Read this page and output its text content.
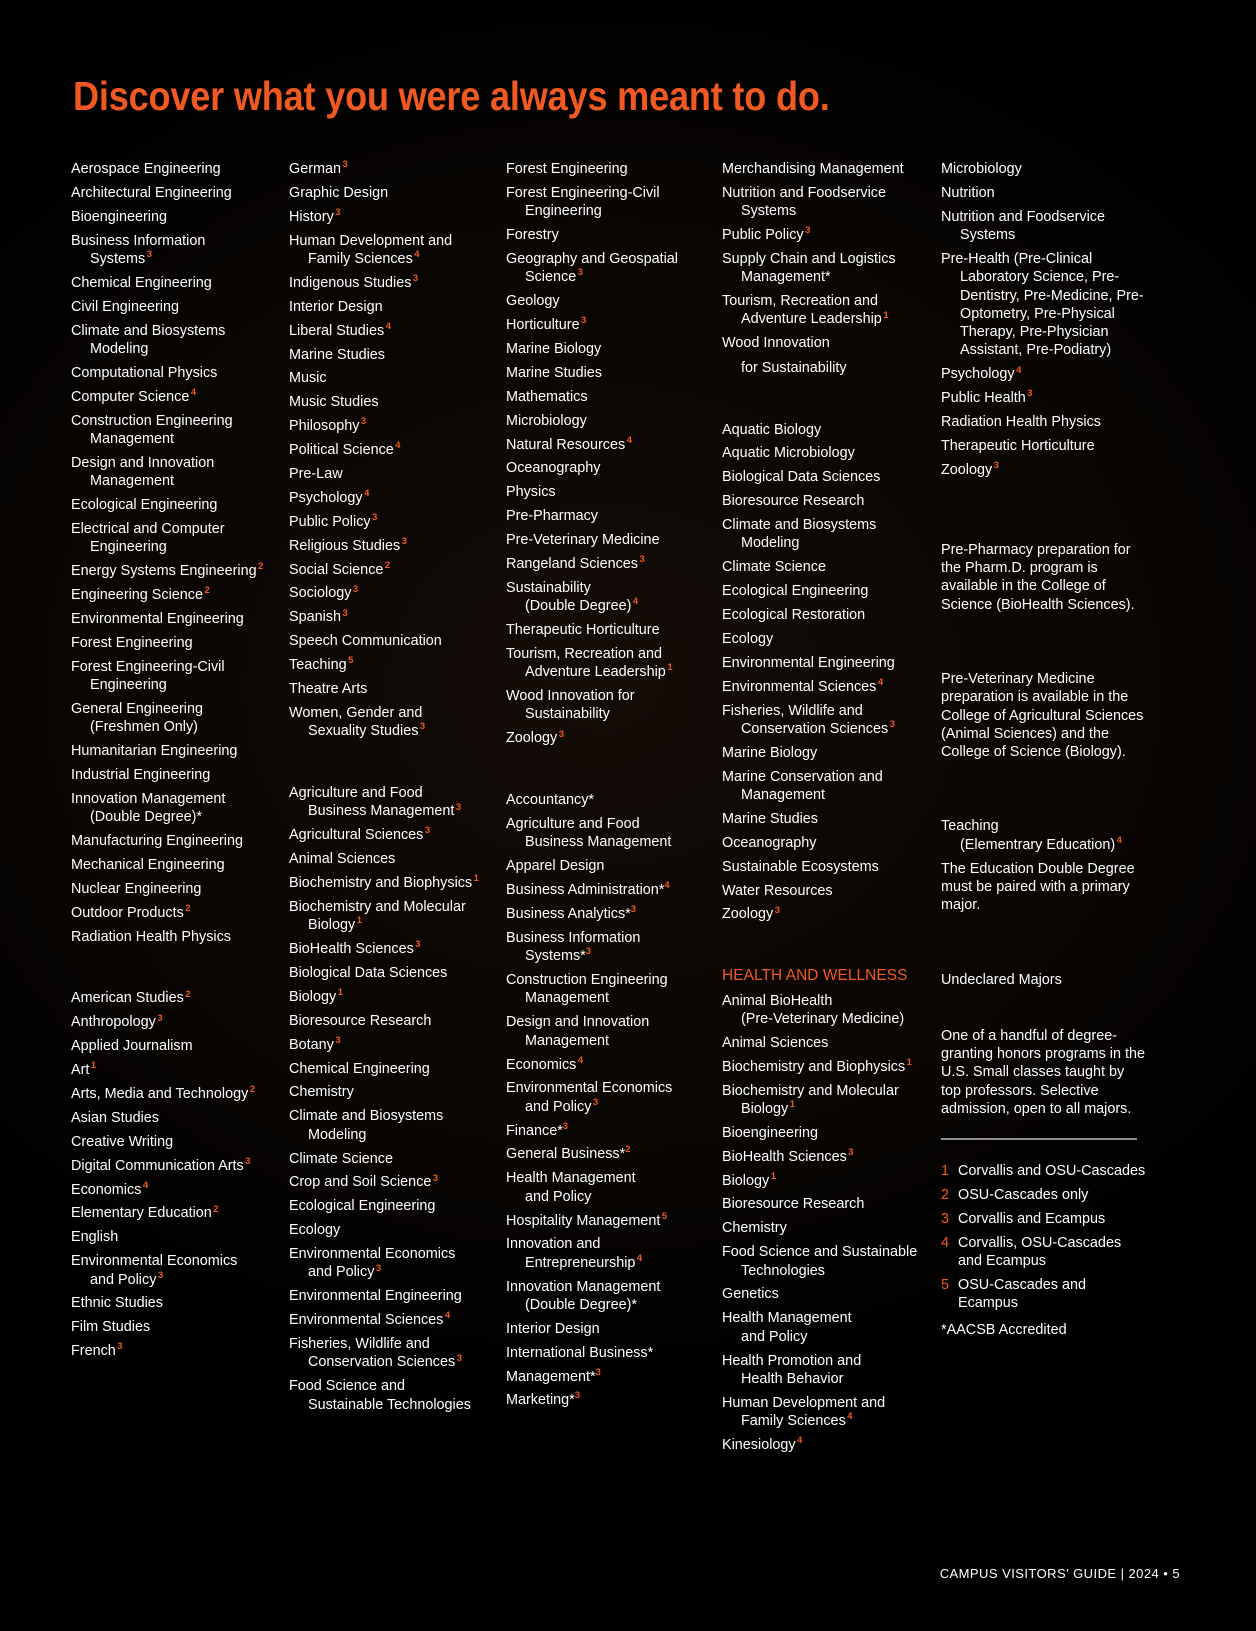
Discover what you were always meant to do.
Aerospace Engineering
Architectural Engineering
Bioengineering
Business Information
Systems $^3$
Chemical Engineering
Civil Engineering
Climate and Biosystems
Modeling
Computational Physics
Computer Science $^4$
Construction Engineering
Management
Design and Innovation
Management
Ecological Engineering
Electrical and Computer
Engineering
Energy Systems Engineering $^2$
Engineering Science $^2$
Environmental Engineering
Forest Engineering
Forest Engineering-Civil
Engineering
General Engineering
(Freshmen Only)
Humanitarian Engineering
Industrial Engineering
Innovation Management
(Double Degree)*
Manufacturing Engineering
Mechanical Engineering
Nuclear Engineering
Outdoor Products $^2$
Radiation Health Physics
American Studies $^2$
Anthropology $^3$
Applied Journalism
Art $^1$
Arts, Media and Technology $^2$
Asian Studies
Creative Writing
Digital Communication Arts $^3$
Economics $^4$
Elementary Education $^2$
English
Environmental Economics
and Policy $^3$
Ethnic Studies
Film Studies
French $^3$
German $^3$
Graphic Design
History $^3$
Human Development and
Family Sciences $^4$
Indigenous Studies $^3$
Interior Design
Liberal Studies $^4$
Marine Studies
Music
Music Studies
Philosophy $^3$
Political Science $^4$
Pre-Law
Psychology $^4$
Public Policy $^3$
Religious Studies $^3$
Social Science $^2$
Sociology $^3$
Spanish $^3$
Speech Communication
Teaching $^5$
Theatre Arts
Women, Gender and
Sexuality Studies $^3$
Agriculture and Food
Business Management $^3$
Agricultural Sciences $^3$
Animal Sciences
Biochemistry and Biophysics $^1$
Biochemistry and Molecular
Biology $^1$
BioHealth Sciences $^3$
Biological Data Sciences
Biology $^1$
Bioresource Research
Botany $^3$
Chemical Engineering
Chemistry
Climate and Biosystems
Modeling
Climate Science
Crop and Soil Science $^3$
Ecological Engineering
Ecology
Environmental Economics
and Policy $^3$
Environmental Engineering
Environmental Sciences $^4$
Fisheries, Wildlife and
Conservation Sciences $^3$
Food Science and
Sustainable Technologies
Forest Engineering
Forest Engineering-Civil
Engineering
Forestry
Geography and Geospatial
Science $^3$
Geology
Horticulture $^3$
Marine Biology
Marine Studies
Mathematics
Microbiology
Natural Resources $^4$
Oceanography
Physics
Pre-Pharmacy
Pre-Veterinary Medicine
Rangeland Sciences $^3$
Sustainability
(Double Degree) $^4$
Therapeutic Horticulture
Tourism, Recreation and
Adventure Leadership $^1$
Wood Innovation for
Sustainability
Zoology $^3$
Accountancy*
Agriculture and Food
Business Management
Apparel Design
Business Administration*$^4$
Business Analytics*$^3$
Business Information
Systems*$^3$
Construction Engineering
Management
Design and Innovation
Management
Economics $^4$
Environmental Economics
and Policy $^3$
Finance*$^3$
General Business*$^2$
Health Management
and Policy
Hospitality Management $^5$
Innovation and
Entrepreneurship $^4$
Innovation Management
(Double Degree)*
Interior Design
International Business*
Management*$^3$
Marketing*$^3$
Merchandising Management
Nutrition and Foodservice
Systems
Public Policy $^3$
Supply Chain and Logistics
Management*
Tourism, Recreation and
Adventure Leadership $^1$
Wood Innovation
for Sustainability
Aquatic Biology
Aquatic Microbiology
Biological Data Sciences
Bioresource Research
Climate and Biosystems
Modeling
Climate Science
Ecological Engineering
Ecological Restoration
Ecology
Environmental Engineering
Environmental Sciences $^4$
Fisheries, Wildlife and
Conservation Sciences $^3$
Marine Biology
Marine Conservation and
Management
Marine Studies
Oceanography
Sustainable Ecosystems
Water Resources
Zoology $^3$
HEALTH AND WELLNESS
Animal BioHealth
(Pre-Veterinary Medicine)
Animal Sciences
Biochemistry and Biophysics $^1$
Biochemistry and Molecular
Biology $^1$
Bioengineering
BioHealth Sciences $^3$
Biology $^1$
Bioresource Research
Chemistry
Food Science and Sustainable
Technologies
Genetics
Health Management
and Policy
Health Promotion and
Health Behavior
Human Development and
Family Sciences $^4$
Kinesiology $^4$
Microbiology
Nutrition
Nutrition and Foodservice
Systems
Pre-Health (Pre-Clinical
Laboratory Science, Pre-Dentistry, Pre-Medicine, Pre-Optometry, Pre-Physical Therapy, Pre-Physician Assistant, Pre-Podiatry)
Psychology $^4$
Public Health $^3$
Radiation Health Physics
Therapeutic Horticulture
Zoology $^3$
Pre-Pharmacy preparation for the Pharm.D. program is available in the College of Science (BioHealth Sciences).
Pre-Veterinary Medicine preparation is available in the College of Agricultural Sciences (Animal Sciences) and the College of Science (Biology).
Teaching
(Elementrary Education) $^4$
The Education Double Degree must be paired with a primary major.
Undeclared Majors
One of a handful of degree-granting honors programs in the U.S. Small classes taught by top professors. Selective admission, open to all majors.
1 Corvallis and OSU-Cascades
2 OSU-Cascades only
3 Corvallis and Ecampus
4 Corvallis, OSU-Cascades and Ecampus
5 OSU-Cascades and Ecampus
*AACSB Accredited
CAMPUS VISITORS' GUIDE | 2024 • 5
